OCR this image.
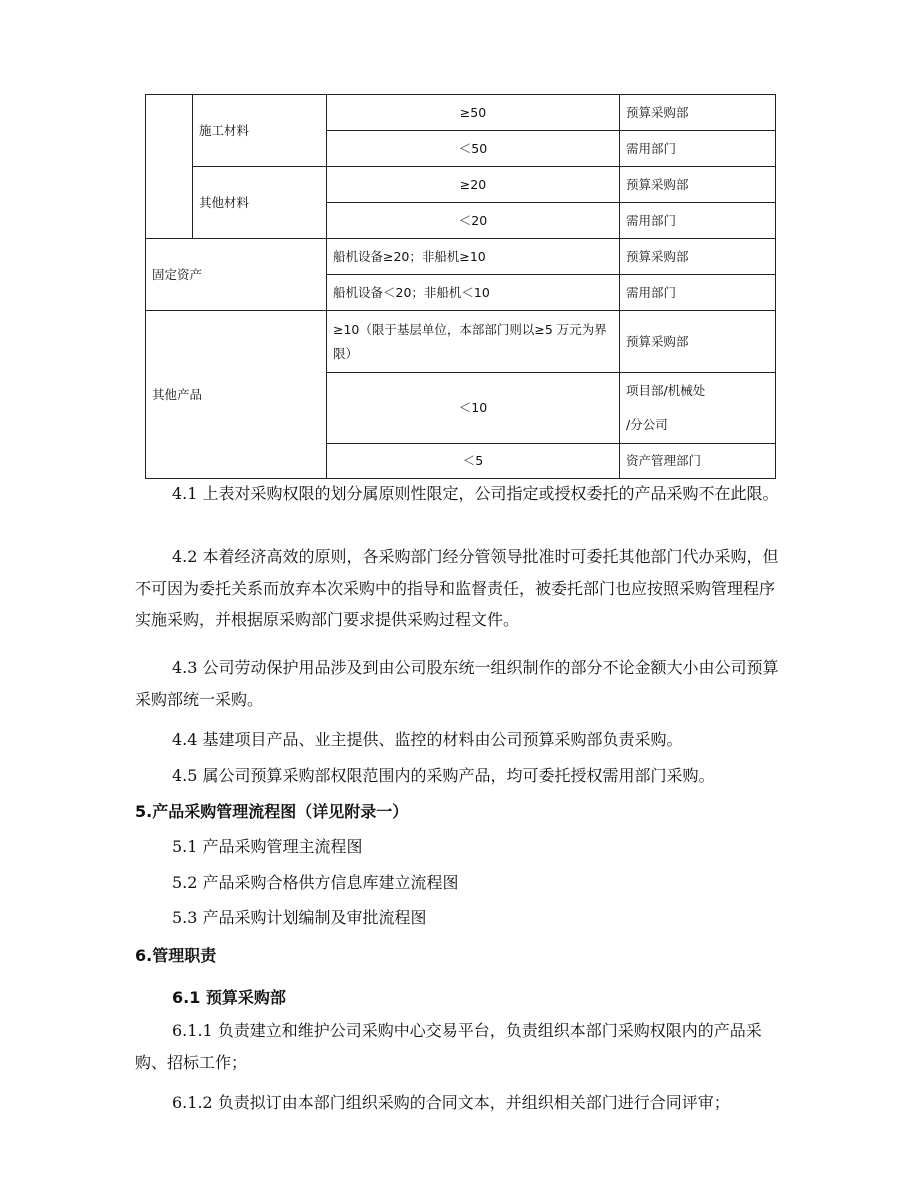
	施工材料	≥50	预算采购部
		＜50	需用部门
	其他材料	≥20	预算采购部
		＜20	需用部门
固定资产		船机设备≥20；非船机≥10	预算采购部
		船机设备＜20；非船机＜10	需用部门
其他产品		≥10（限于基层单位，本部部门则以≥5 万元为界限）	预算采购部
		＜10	项目部/机械处
/分公司

		＜5	资产管理部门

4.1 上表对采购权限的划分属原则性限定，公司指定或授权委托的产品采购不在此限。

4.2 本着经济高效的原则，各采购部门经分管领导批准时可委托其他部门代办采购，但不可因为委托关系而放弃本次采购中的指导和监督责任，被委托部门也应按照采购管理程序实施采购，并根据原采购部门要求提供采购过程文件。

4.3 公司劳动保护用品涉及到由公司股东统一组织制作的部分不论金额大小由公司预算采购部统一采购。

4.4 基建项目产品、业主提供、监控的材料由公司预算采购部负责采购。

4.5 属公司预算采购部权限范围内的采购产品，均可委托授权需用部门采购。

5.产品采购管理流程图（详见附录一）

5.1 产品采购管理主流程图

5.2 产品采购合格供方信息库建立流程图

5.3 产品采购计划编制及审批流程图

6.管理职责

6.1 预算采购部

6.1.1 负责建立和维护公司采购中心交易平台，负责组织本部门采购权限内的产品采购、招标工作；

6.1.2 负责拟订由本部门组织采购的合同文本，并组织相关部门进行合同评审；
